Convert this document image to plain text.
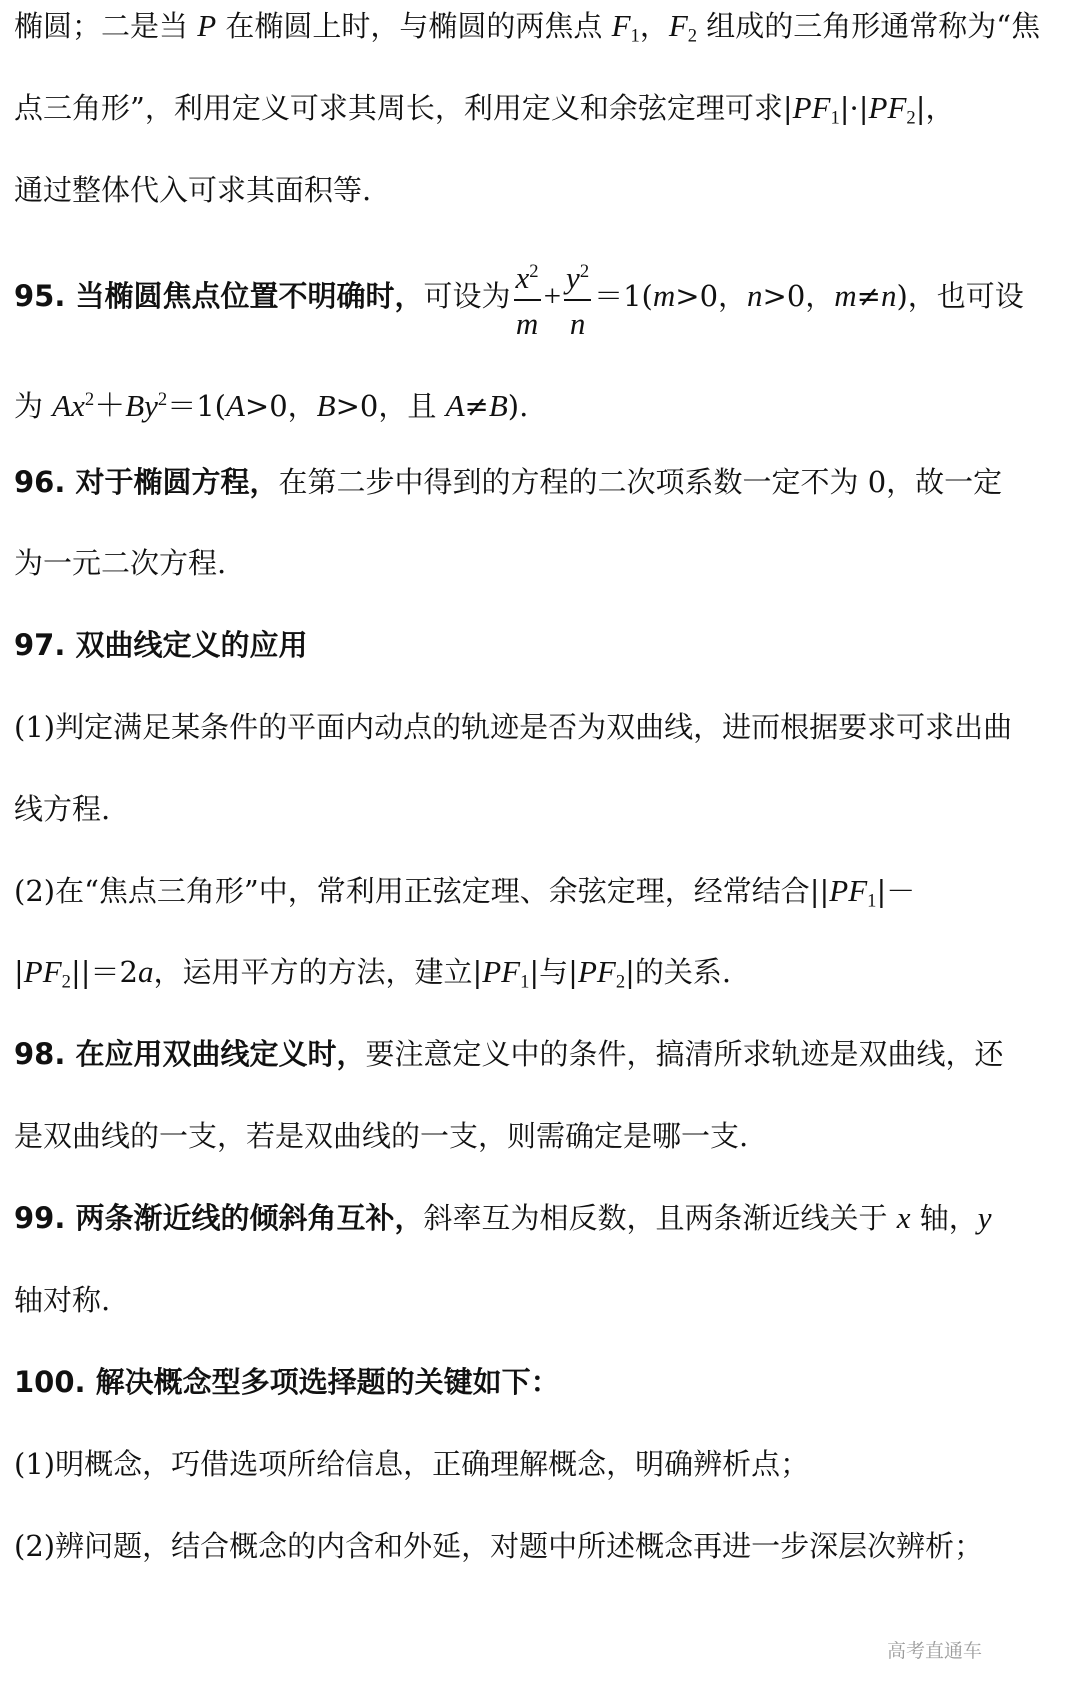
椭圆；二是当 P 在椭圆上时，与椭圆的两焦点 $F_1$，$F_2$ 组成的三角形通常称为“焦
点三角形”，利用定义可求其周长，利用定义和余弦定理可求$|PF_1|\cdot|PF_2|$，
通过整体代入可求其面积等.
95. 当椭圆焦点位置不明确时，可设为 $\frac{x^2}{m} + \frac{y^2}{n} =1(m>0$，n>0，m≠n)，也可设
为 $Ax^2+By^2=1(A>0$，B>0，且 A≠B).
96. 对于椭圆方程，在第二步中得到的方程的二次项系数一定不为 0，故一定
为一元二次方程.
97. 双曲线定义的应用
(1)判定满足某条件的平面内动点的轨迹是否为双曲线，进而根据要求可求出曲
线方程.
(2)在“焦点三角形”中，常利用正弦定理、余弦定理，经常结合$||PF_1|-$
$|PF_2||=2a$，运用平方的方法，建立$|PF_1|$与$|PF_2|$的关系.
98. 在应用双曲线定义时，要注意定义中的条件，搞清所求轨迹是双曲线，还
是双曲线的一支，若是双曲线的一支，则需确定是哪一支.
99. 两条渐近线的倾斜角互补，斜率互为相反数，且两条渐近线关于 x 轴，y
轴对称.
100. 解决概念型多项选择题的关键如下：
(1)明概念，巧借选项所给信息，正确理解概念，明确辨析点；
(2)辨问题，结合概念的内含和外延，对题中所述概念再进一步深层次辨析；
高考直通车
